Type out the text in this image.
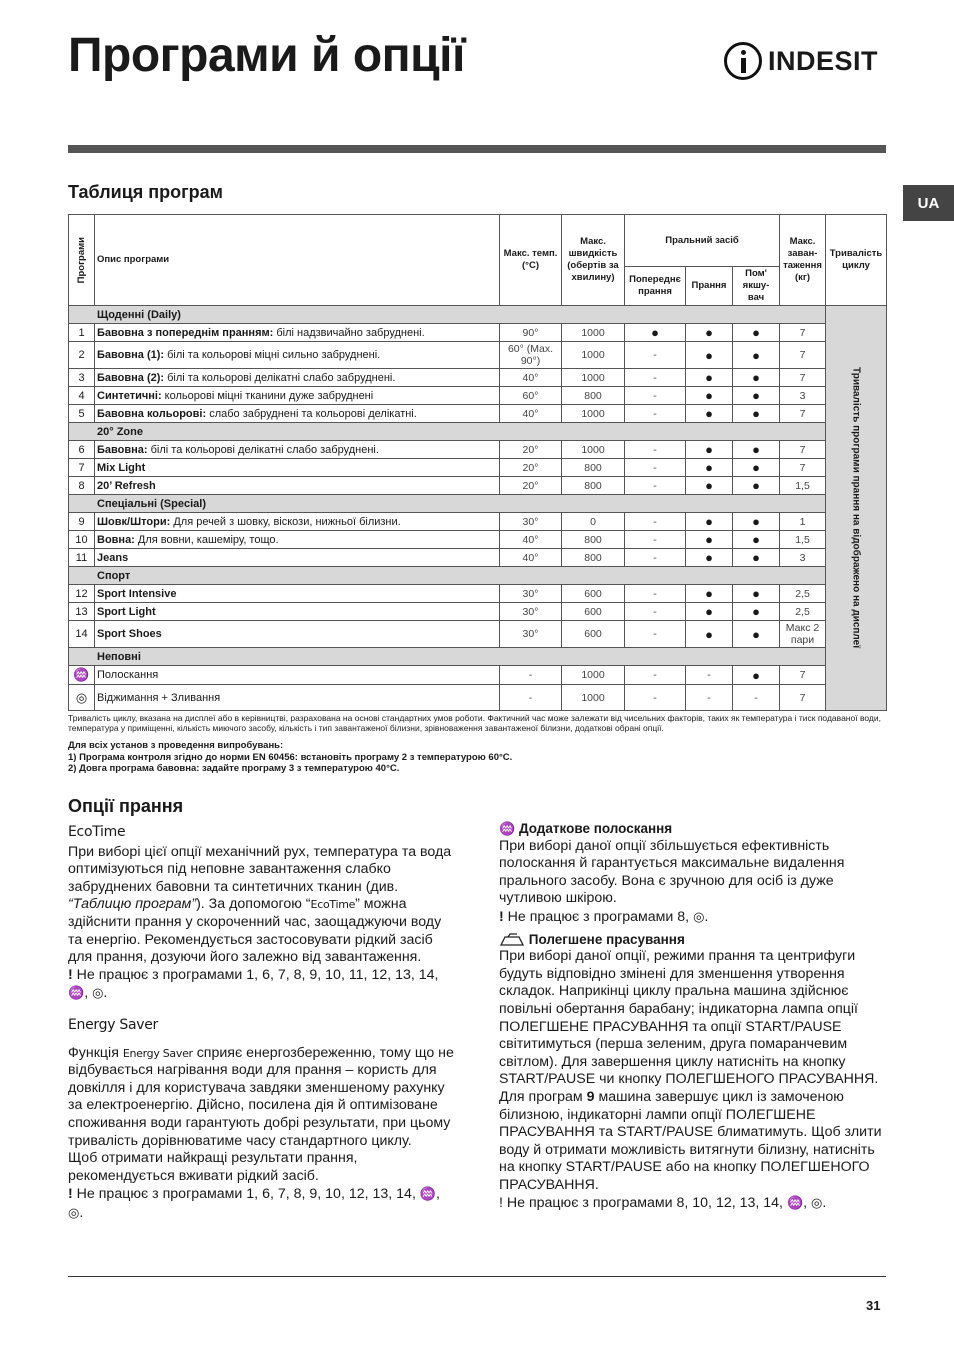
Програми й опції	INDESIT
UA
Таблиця програм
Програми	Опис програми	Макс. темп. (°C)	Макс. швидкість (обертів за хвилину)	Пральний засіб			Макс. заван- таження (кг)	Тривалість циклу
				Попереднє прання	Прання	Пом' якшу- вач		
Щоденні (Daily)								Тривалість програми прання на відображено на дисплеї

1	Бавовна з попереднім пранням: білі надзвичайно забруднені.	90°	1000	●	●	●	7	
2	Бавовна (1): білі та кольорові міцні сильно забруднені.	60° (Max. 90°)	1000	-	●	●	7	
3	Бавовна (2): білі та кольорові делікатні слабо забруднені.	40°	1000	-	●	●	7	
4	Синтетичні: кольорові міцні тканини дуже забруднені	60°	800	-	●	●	3	
5	Бавовна кольорові: слабо забруднені та кольорові делікатні.	40°	1000	-	●	●	7	
20° Zone								
6	Бавовна: білі та кольорові делікатні слабо забруднені.	20°	1000	-	●	●	7	
7	Mix Light	20°	800	-	●	●	7	
8	20’ Refresh	20°	800	-	●	●	1,5	
Спеціальні (Special)								
9	Шовк/Штори: Для речей з шовку, віскози, нижньої білизни.	30°	0	-	●	●	1	
10	Вовна: Для вовни, кашеміру, тощо.	40°	800	-	●	●	1,5	
11	Jeans	40°	800	-	●	●	3	
Спорт								
12	Sport Intensive	30°	600	-	●	●	2,5	
13	Sport Light	30°	600	-	●	●	2,5	
14	Sport Shoes	30°	600	-	●	●	Макс 2 пари	
Неповні								
♒	Полоскання	-	1000	-	-	●	7	
◎	Віджимання + Зливання	-	1000	-	-	-	7	
Тривалість циклу, вказана на дисплеї або в керівництві, разрахована на основі стандартних умов роботи. Фактичний час може залежати від чисельних факторів, таких як температура і тиск подаваної води, температура у приміщенні, кількість миючого засобу, кількість і тип завантаженої білизни, зрівноваження завантаженої білизни, додаткові обрані опції.
Для всіх установ з проведення випробувань:
1) Програма контроля згідно до норми EN 60456: встановіть програму 2 з температурою 60°C.
2) Довга програма бавовна: задайте програму 3 з температурою 40°C.
Опції прання
EcoTime
При виборі цієї опції механічний рух, температура та вода оптимізуються під неповне завантаження слабко забруднених бавовни та синтетичних тканин (див. “Таблицю програм”). За допомогою “EcoTime” можна здійснити прання у скороченний час, заощаджуючи воду та енергію. Рекомендується застосовувати рідкий засіб для прання, дозуючи його залежно від завантаження.
! Не працює з програмами 1, 6, 7, 8, 9, 10, 11, 12, 13, 14, ♒, ◎.
Energy Saver
Функція Energy Saver сприяє енергозбереженню, тому що не відбувається нагрівання води для прання – користь для довкілля і для користувача завдяки зменшеному рахунку за електроенергію. Дійсно, посилена дія й оптимізоване споживання води гарантують добрі результати, при цьому тривалість дорівнюватиме часу стандартного циклу.
Щоб отримати найкращі результати прання, рекомендується вживати рідкий засіб.
! Не працює з програмами 1, 6, 7, 8, 9, 10, 12, 13, 14, ♒, ◎.
♒ Додаткове полоскання
При виборі даної опції збільшується ефективність полоскання й гарантується максимальне видалення прального засобу. Вона є зручною для осіб із дуже чутливою шкірою.
! Не працює з програмами 8, ◎.
Полегшене прасування
При виборі даної опції, режими прання та центрифуги будуть відповідно змінені для зменшення утворення складок. Наприкінці циклу пральна машина здійснює повільні обертання барабану; індикаторна лампа опції ПОЛЕГШЕНЕ ПРАСУВАННЯ та опції START/PAUSE світитимуться (перша зеленим, друга помаранчевим світлом). Для завершення циклу натисніть на кнопку START/PAUSE чи кнопку ПОЛЕГШЕНОГО ПРАСУВАННЯ. Для програм 9 машина завершує цикл із замоченою білизною, індикаторні лампи опції ПОЛЕГШЕНЕ ПРАСУВАННЯ та START/PAUSE блиматимуть. Щоб злити воду й отримати можливість витягнути білизну, натисніть на кнопку START/PAUSE або на кнопку ПОЛЕГШЕНОГО ПРАСУВАННЯ.
! Не працює з програмами 8, 10, 12, 13, 14, ♒, ◎.
31
